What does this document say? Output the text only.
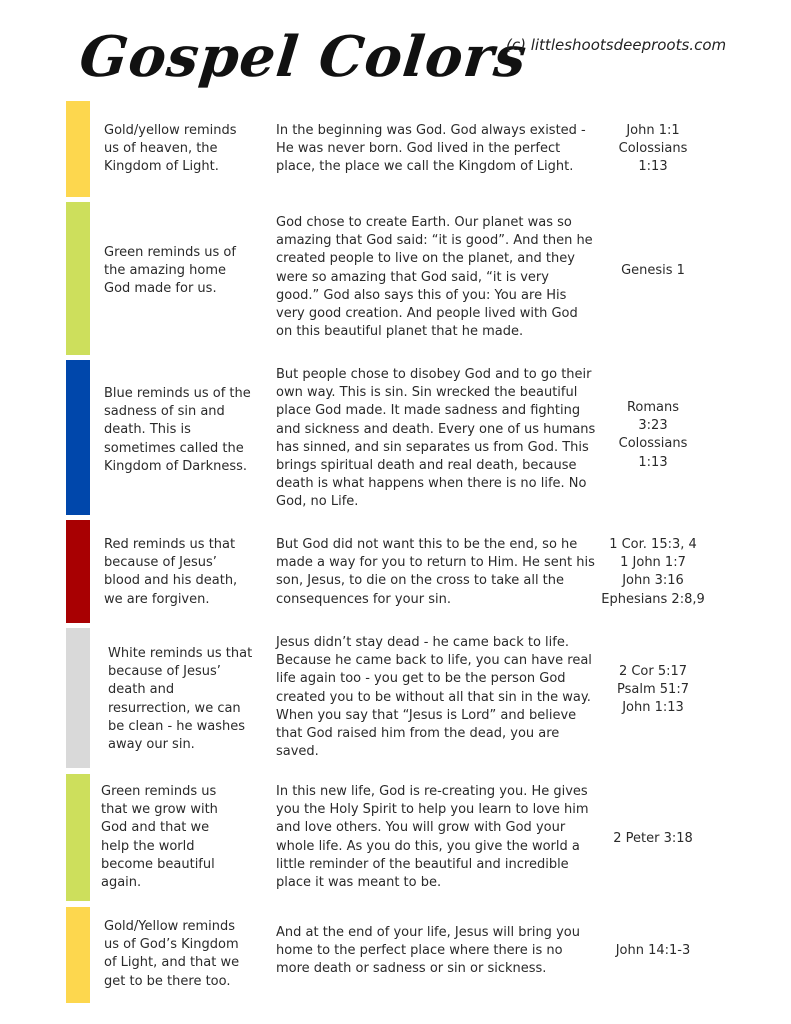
Gospel Colors
(c) littleshootsdeeproots.com
Gold/yellow reminds us of heaven, the Kingdom of Light.
In the beginning was God. God always existed - He was never born. God lived in the perfect place, the place we call the Kingdom of Light.
John 1:1
Colossians
1:13
Green reminds us of the amazing home God made for us.
God chose to create Earth. Our planet was so amazing that God said: “it is good”. And then he created people to live on the planet, and they were so amazing that God said, “it is very good.” God also says this of you: You are His very good creation. And people lived with God on this beautiful planet that he made.
Genesis 1
Blue reminds us of the sadness of sin and death. This is sometimes called the Kingdom of Darkness.
But people chose to disobey God and to go their own way. This is sin. Sin wrecked the beautiful place God made. It made sadness and fighting and sickness and death. Every one of us humans has sinned, and sin separates us from God. This brings spiritual death and real death, because death is what happens when there is no life. No God, no Life.
Romans
3:23
Colossians
1:13
Red reminds us that because of Jesus’ blood and his death, we are forgiven.
But God did not want this to be the end, so he made a way for you to return to Him. He sent his son, Jesus, to die on the cross to take all the consequences for your sin.
1 Cor. 15:3, 4
1 John 1:7
John 3:16
Ephesians 2:8,9
White reminds us that because of Jesus’ death and resurrection, we can be clean - he washes away our sin.
Jesus didn’t stay dead - he came back to life. Because he came back to life, you can have real life again too - you get to be the person God created you to be without all that sin in the way. When you say that “Jesus is Lord” and believe that God raised him from the dead, you are saved.
2 Cor 5:17
Psalm 51:7
John 1:13
Green reminds us that we grow with God and that we help the world become beautiful again.
In this new life, God is re-creating you. He gives you the Holy Spirit to help you learn to love him and love others. You will grow with God your whole life. As you do this, you give the world a little reminder of the beautiful and incredible place it was meant to be.
2 Peter 3:18
Gold/Yellow reminds us of God’s Kingdom of Light, and that we get to be there too.
And at the end of your life, Jesus will bring you home to the perfect place where there is no more death or sadness or sin or sickness.
John 14:1-3
